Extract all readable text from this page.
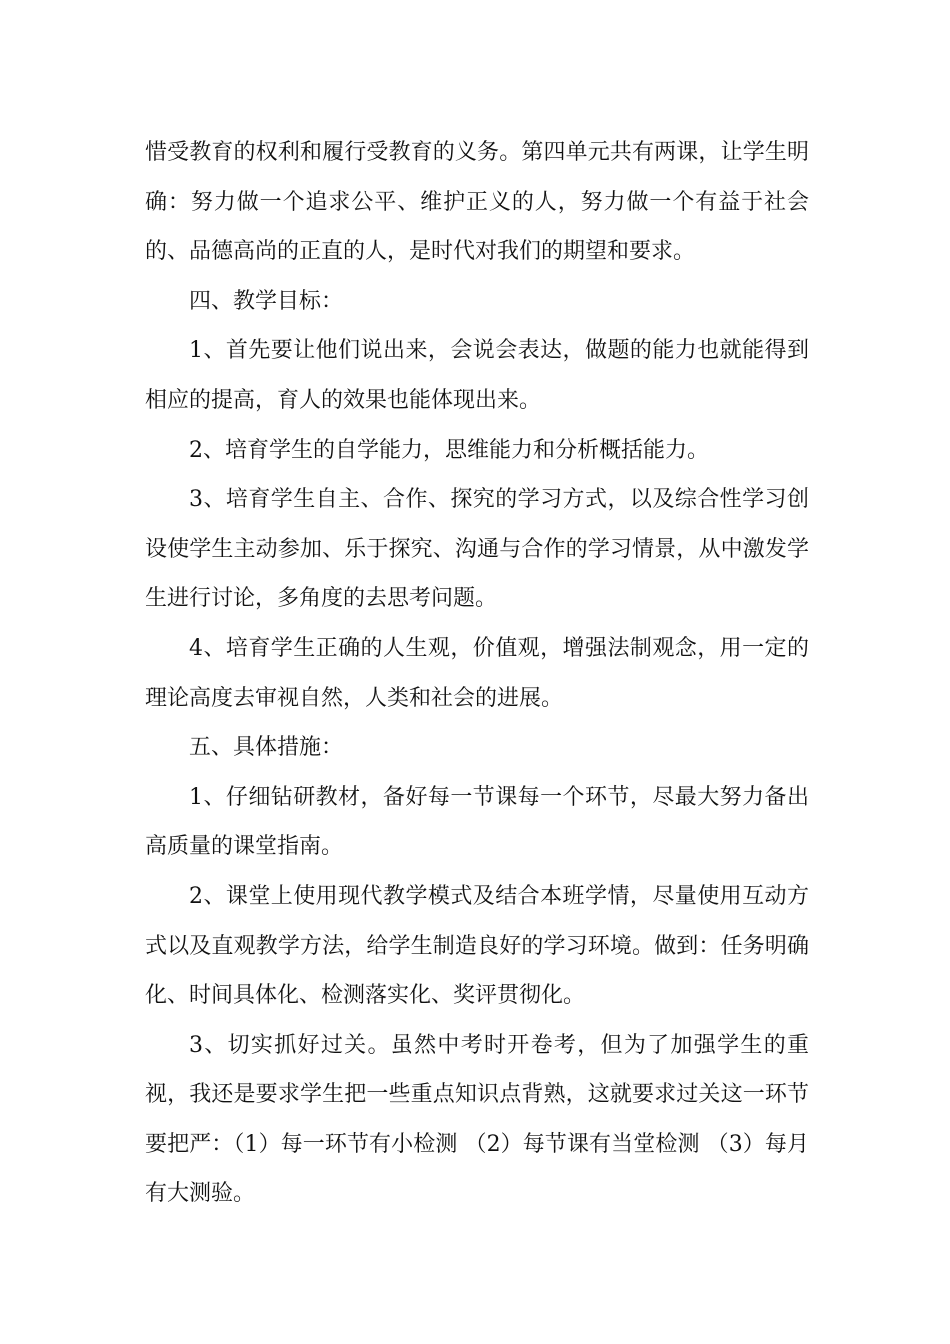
惜受教育的权利和履行受教育的义务。第四单元共有两课，让学生明确：努力做一个追求公平、维护正义的人，努力做一个有益于社会的、品德高尚的正直的人，是时代对我们的期望和要求。

四、教学目标：

1、首先要让他们说出来，会说会表达，做题的能力也就能得到相应的提高，育人的效果也能体现出来。

2、培育学生的自学能力，思维能力和分析概括能力。

3、培育学生自主、合作、探究的学习方式，以及综合性学习创设使学生主动参加、乐于探究、沟通与合作的学习情景，从中激发学生进行讨论，多角度的去思考问题。

4、培育学生正确的人生观，价值观，增强法制观念，用一定的理论高度去审视自然，人类和社会的进展。

五、具体措施：

1、仔细钻研教材，备好每一节课每一个环节，尽最大努力备出高质量的课堂指南。

2、课堂上使用现代教学模式及结合本班学情，尽量使用互动方式以及直观教学方法，给学生制造良好的学习环境。做到：任务明确化、时间具体化、检测落实化、奖评贯彻化。

3、切实抓好过关。虽然中考时开卷考，但为了加强学生的重视，我还是要求学生把一些重点知识点背熟，这就要求过关这一环节要把严：（1）每一环节有小检测 （2）每节课有当堂检测 （3）每月有大测验。
